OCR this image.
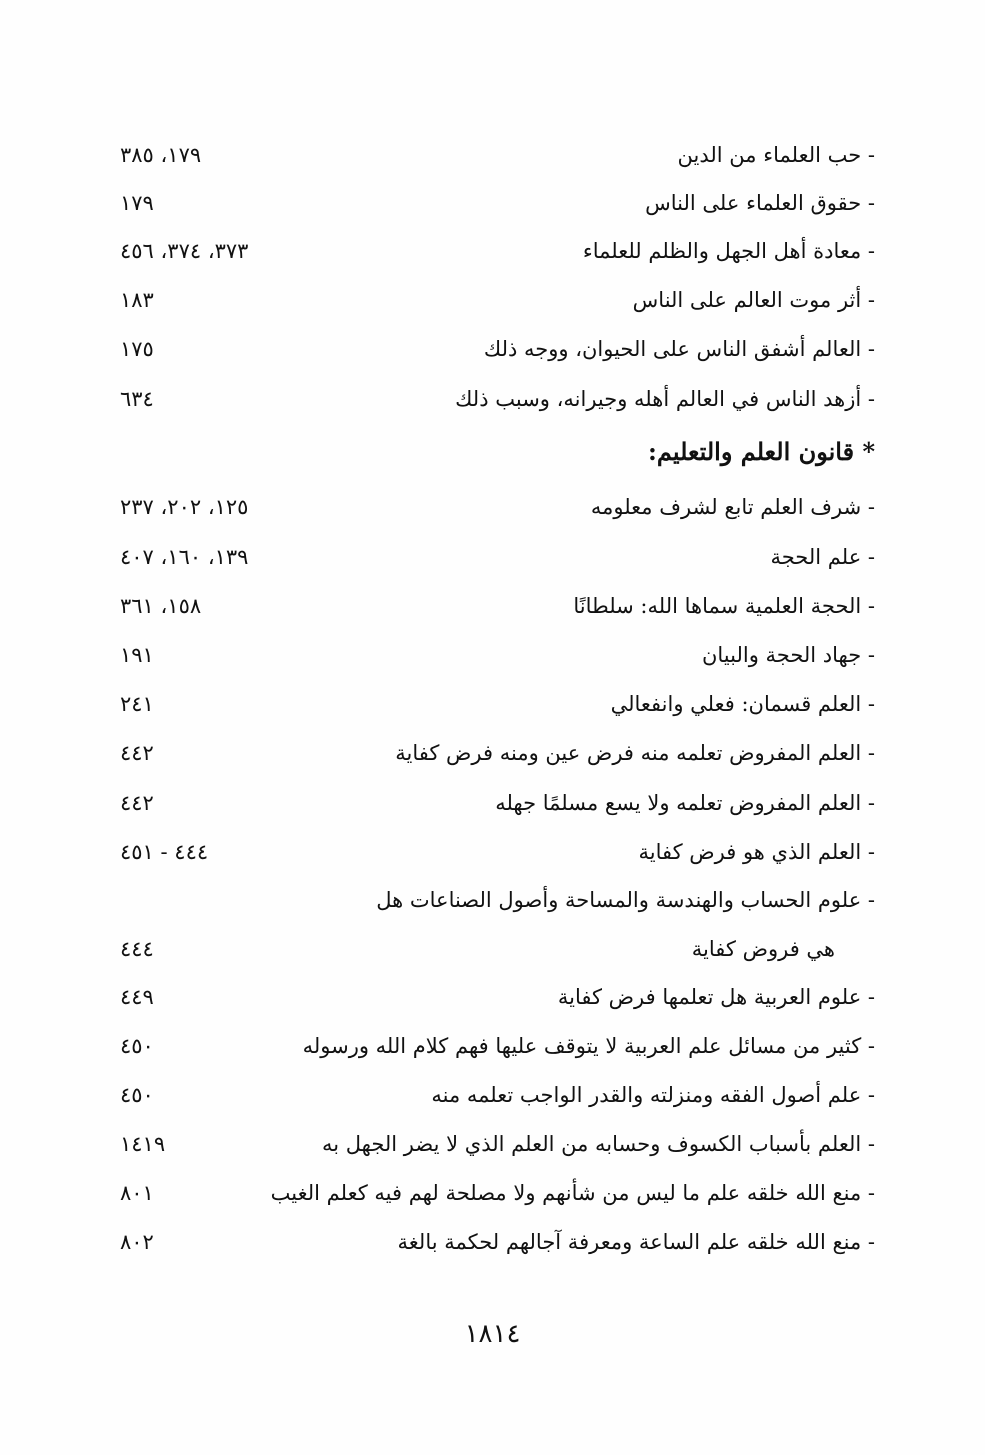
- حب العلماء من الدين
١٧٩، ٣٨٥
- حقوق العلماء على الناس
١٧٩
- معادة أهل الجهل والظلم للعلماء
٣٧٣، ٣٧٤، ٤٥٦
- أثر موت العالم على الناس
١٨٣
- العالم أشفق الناس على الحيوان، ووجه ذلك
١٧٥
- أزهد الناس في العالم أهله وجيرانه، وسبب ذلك
٦٣٤
* قانون العلم والتعليم:
- شرف العلم تابع لشرف معلومه
١٢٥، ٢٠٢، ٢٣٧
- علم الحجة
١٣٩، ١٦٠، ٤٠٧
- الحجة العلمية سماها الله: سلطانًا
١٥٨، ٣٦١
- جهاد الحجة والبيان
١٩١
- العلم قسمان: فعلي وانفعالي
٢٤١
- العلم المفروض تعلمه منه فرض عين ومنه فرض كفاية
٤٤٢
- العلم المفروض تعلمه ولا يسع مسلمًا جهله
٤٤٢
- العلم الذي هو فرض كفاية
٤٤٤ - ٤٥١
- علوم الحساب والهندسة والمساحة وأصول الصناعات هل
هي فروض كفاية
٤٤٤
- علوم العربية هل تعلمها فرض كفاية
٤٤٩
- كثير من مسائل علم العربية لا يتوقف عليها فهم كلام الله ورسوله
٤٥٠
- علم أصول الفقه ومنزلته والقدر الواجب تعلمه منه
٤٥٠
- العلم بأسباب الكسوف وحسابه من العلم الذي لا يضر الجهل به
١٤١٩
- منع الله خلقه علم ما ليس من شأنهم ولا مصلحة لهم فيه كعلم الغيب
٨٠١
- منع الله خلقه علم الساعة ومعرفة آجالهم لحكمة بالغة
٨٠٢
١٨١٤
